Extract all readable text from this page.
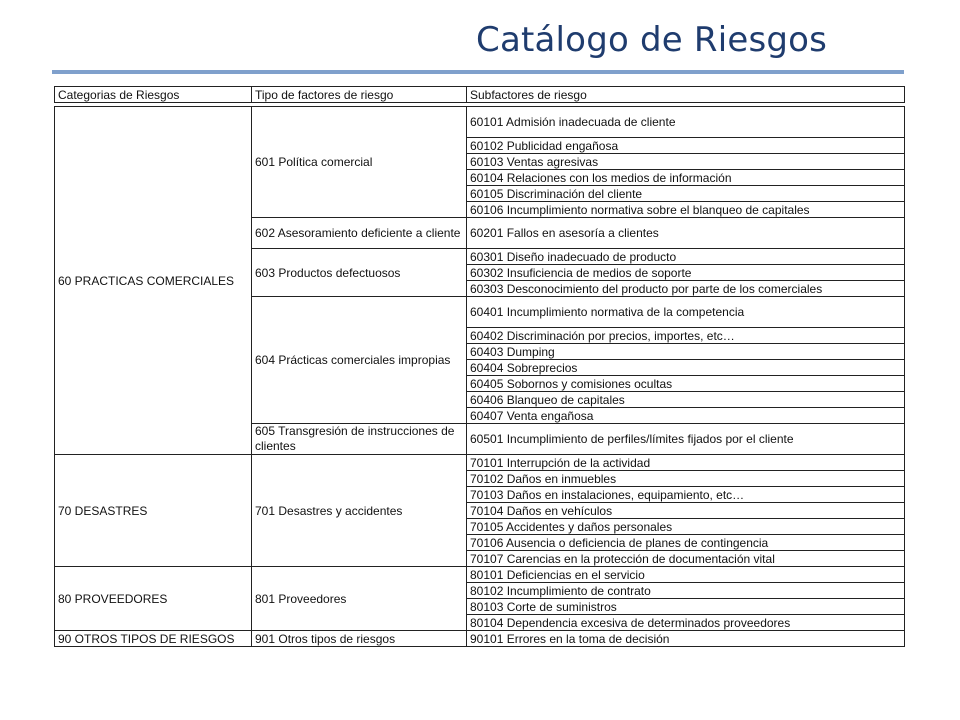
Catálogo de Riesgos
Categorias de Riesgos	Tipo de factores de riesgo	Subfactores de riesgo
60 PRACTICAS COMERCIALES	601 Política comercial	60101 Admisión inadecuada de cliente
		60102 Publicidad engañosa
		60103 Ventas agresivas
		60104 Relaciones con los medios de información
		60105 Discriminación del cliente
		60106 Incumplimiento normativa sobre el blanqueo de capitales
	602 Asesoramiento deficiente a cliente	60201 Fallos en asesoría a clientes
	603 Productos defectuosos	60301 Diseño inadecuado de producto
		60302 Insuficiencia de medios de soporte
		60303 Desconocimiento del producto por parte de los comerciales
	604 Prácticas comerciales impropias	60401 Incumplimiento normativa de la competencia
		60402 Discriminación por precios, importes, etc…
		60403 Dumping
		60404 Sobreprecios
		60405 Sobornos y comisiones ocultas
		60406 Blanqueo de capitales
		60407 Venta engañosa
	605 Transgresión de instrucciones de clientes	60501 Incumplimiento de perfiles/límites fijados por el cliente
70 DESASTRES	701 Desastres y accidentes	70101 Interrupción de la actividad
		70102 Daños en inmuebles
		70103 Daños en instalaciones, equipamiento, etc…
		70104 Daños en vehículos
		70105 Accidentes y daños personales
		70106 Ausencia o deficiencia de planes de contingencia
		70107 Carencias en la protección de documentación vital
80 PROVEEDORES	801 Proveedores	80101 Deficiencias en el servicio
		80102 Incumplimiento de contrato
		80103 Corte de suministros
		80104 Dependencia excesiva de determinados proveedores
90 OTROS TIPOS DE RIESGOS	901 Otros tipos de riesgos	90101 Errores en la toma de decisión
